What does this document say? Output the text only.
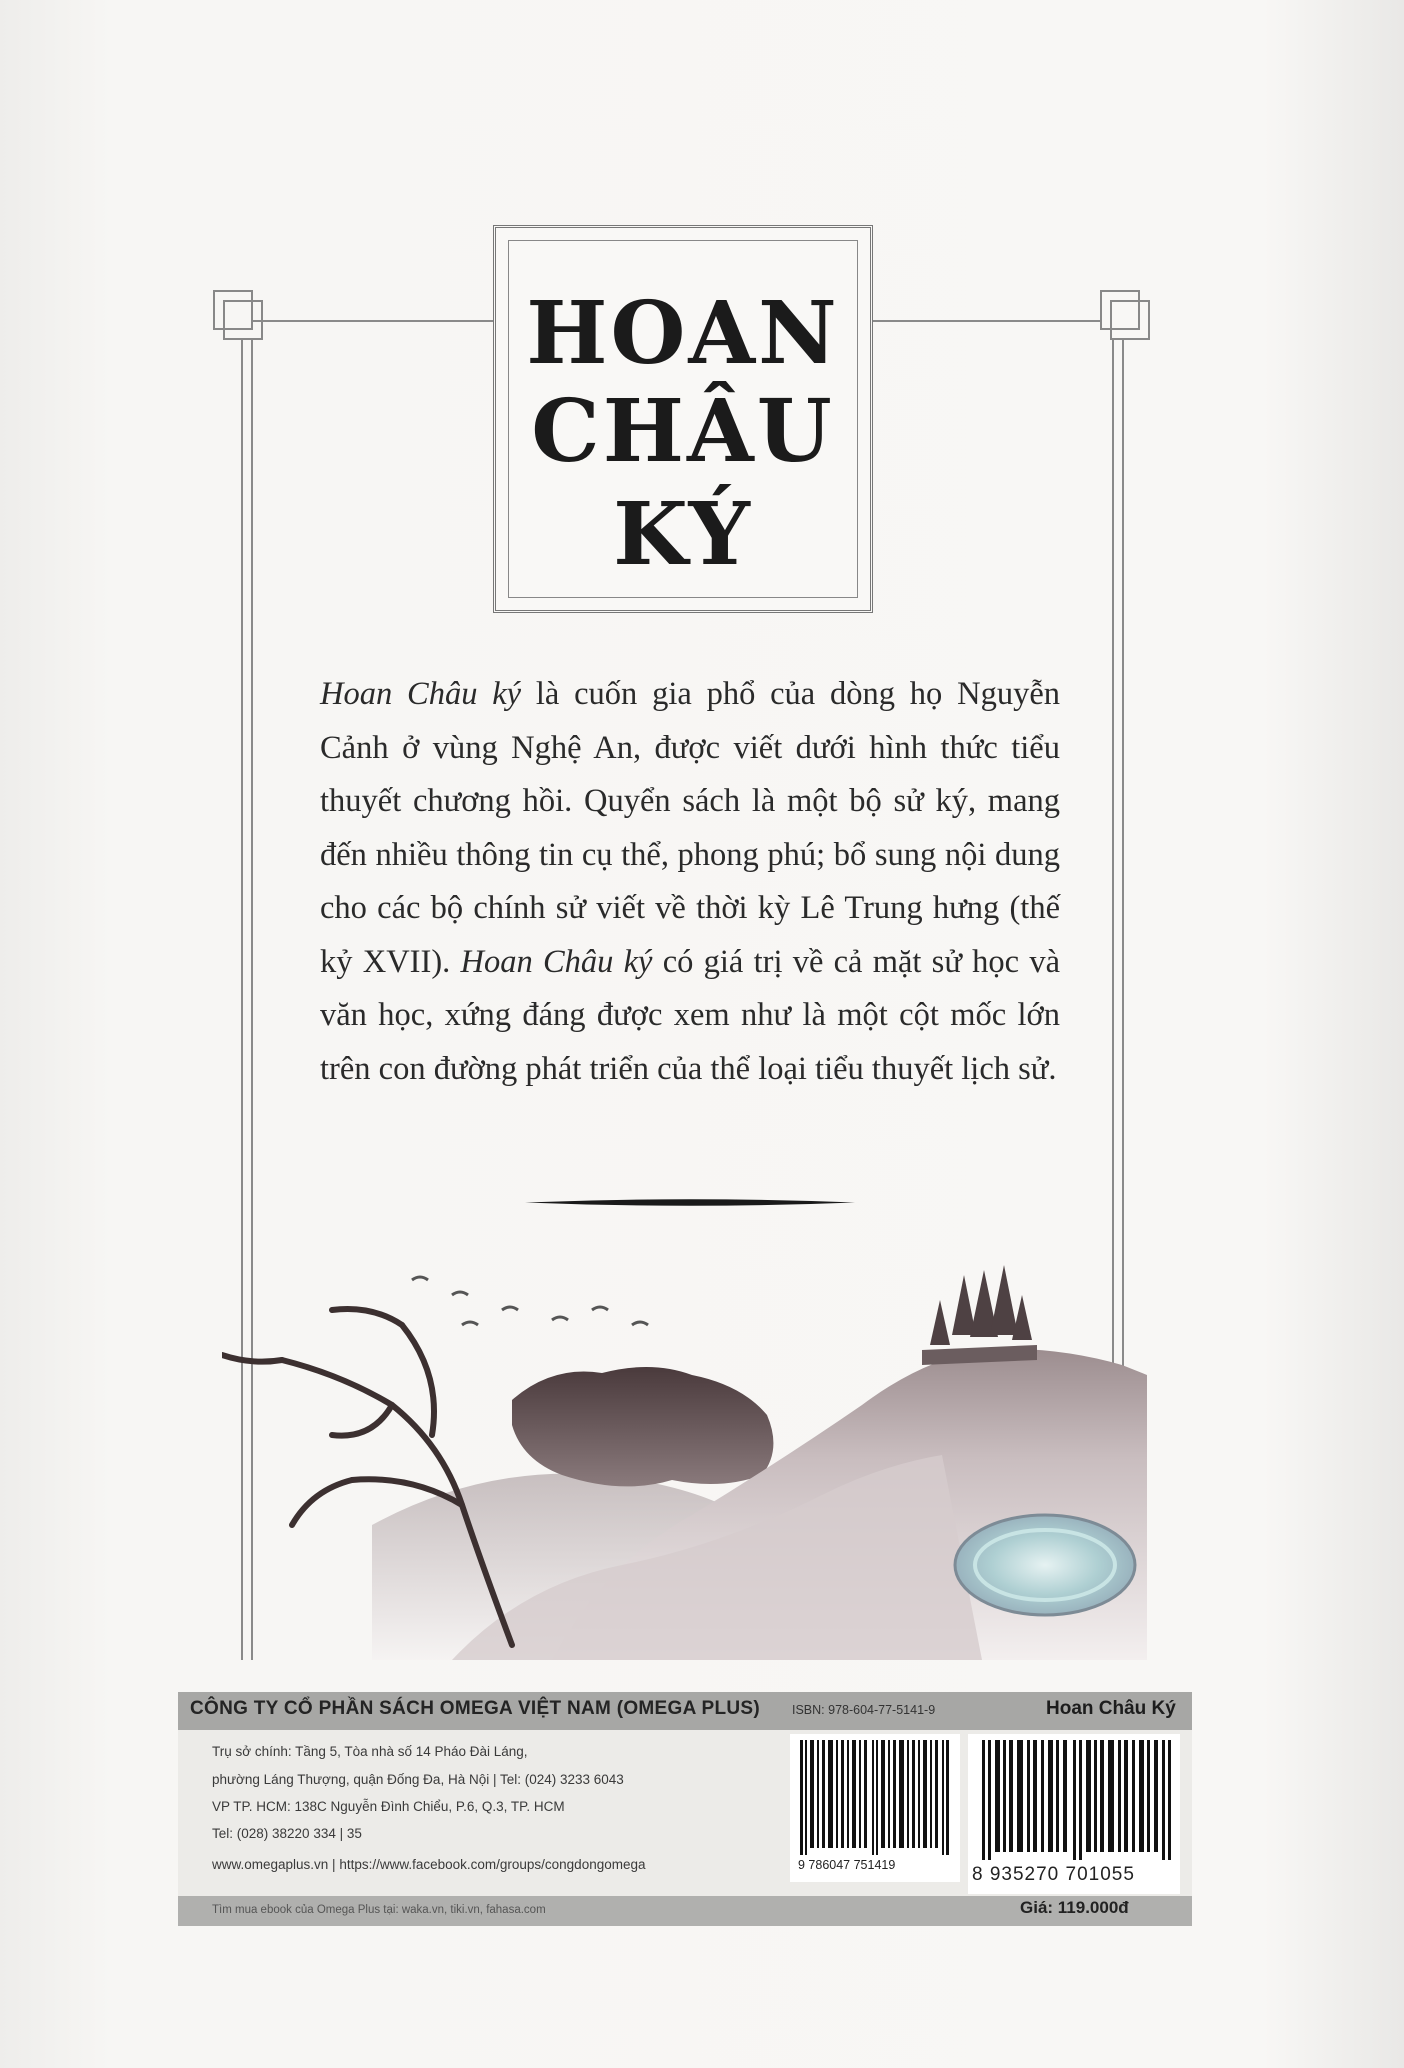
HOAN
CHÂU
KÝ
Hoan Châu ký là cuốn gia phổ của dòng họ Nguyễn Cảnh ở vùng Nghệ An, được viết dưới hình thức tiểu thuyết chương hồi. Quyển sách là một bộ sử ký, mang đến nhiều thông tin cụ thể, phong phú; bổ sung nội dung cho các bộ chính sử viết về thời kỳ Lê Trung hưng (thế kỷ XVII). Hoan Châu ký có giá trị về cả mặt sử học và văn học, xứng đáng được xem như là một cột mốc lớn trên con đường phát triển của thể loại tiểu thuyết lịch sử.
CÔNG TY CỔ PHẦN SÁCH OMEGA VIỆT NAM (OMEGA PLUS)	ISBN: 978-604-77-5141-9	Hoan Châu Ký
Trụ sở chính: Tầng 5, Tòa nhà số 14 Pháo Đài Láng,
phường Láng Thượng, quận Đống Đa, Hà Nội | Tel: (024) 3233 6043
VP TP. HCM: 138C Nguyễn Đình Chiểu, P.6, Q.3, TP. HCM
Tel: (028) 38220 334 | 35
www.omegaplus.vn | https://www.facebook.com/groups/congdongomega	9 786047 751419	8 935270 701055
Tìm mua ebook của Omega Plus tại: waka.vn, tiki.vn, fahasa.com	Giá: 119.000đ
